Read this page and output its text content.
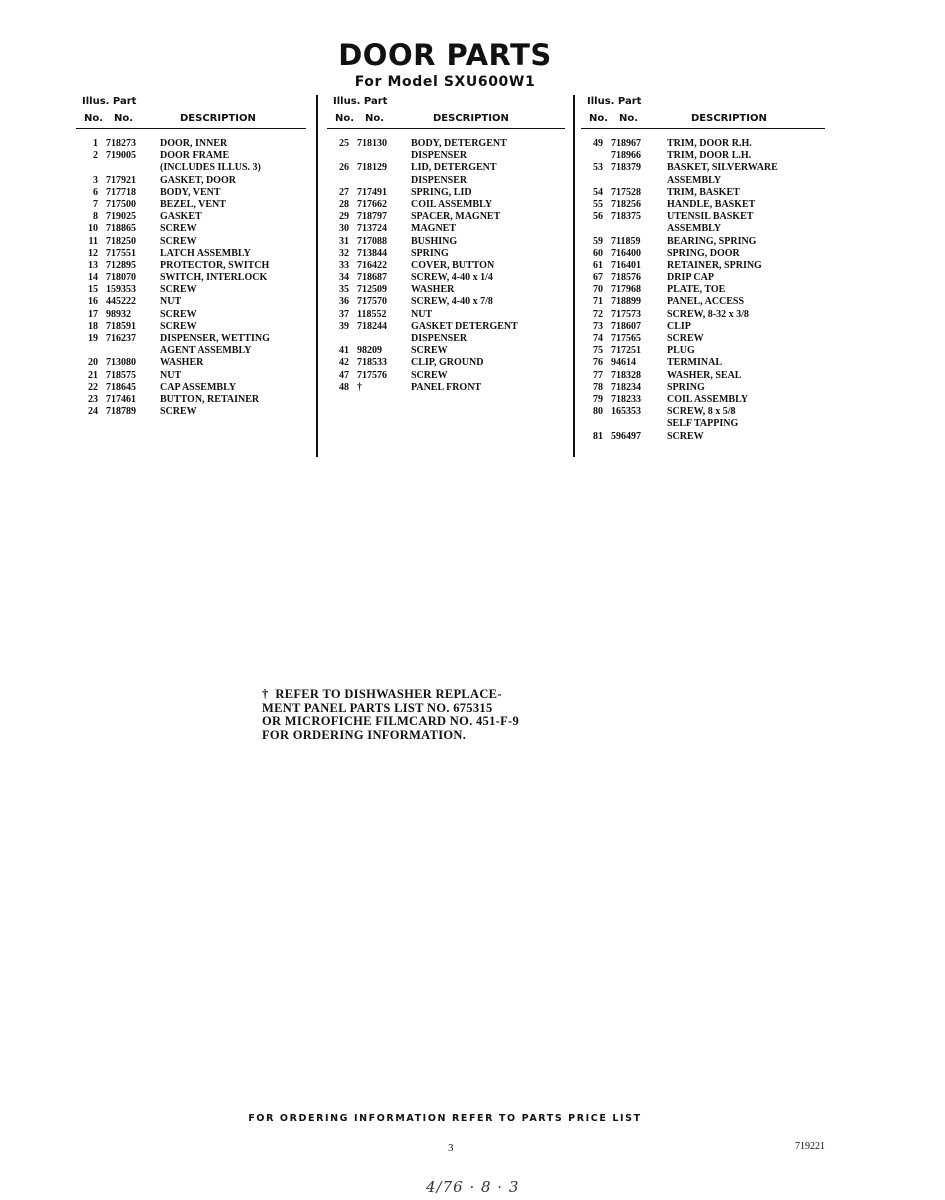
DOOR PARTS
For Model SXU600W1
Illus. Part
No. No.	DESCRIPTION
1 718273 DOOR, INNER
2 719005 DOOR FRAME
(INCLUDES ILLUS. 3)
3 717921 GASKET, DOOR
6 717718 BODY, VENT
7 717500 BEZEL, VENT
8 719025 GASKET
10 718865 SCREW
11 718250 SCREW
12 717551 LATCH ASSEMBLY
13 712895 PROTECTOR, SWITCH
14 718070 SWITCH, INTERLOCK
15 159353 SCREW
16 445222 NUT
17 98932	SCREW
18 718591 SCREW
19 716237 DISPENSER, WETTING
AGENT ASSEMBLY
20 713080 WASHER
21 718575 NUT
22 718645 CAP ASSEMBLY
23 717461 BUTTON, RETAINER
24 718789 SCREW
Illus. Part
No. No.	DESCRIPTION
25 718130 BODY, DETERGENT
DISPENSER
26 718129 LID, DETERGENT
DISPENSER
27 717491 SPRING, LID
28 717662 COIL ASSEMBLY
29 718797 SPACER, MAGNET
30 713724 MAGNET
31 717088 BUSHING
32 713844 SPRING
33 716422 COVER, BUTTON
34 718687 SCREW, 4-40 x 1/4
35 712509 WASHER
36 717570 SCREW, 4-40 x 7/8
37 118552 NUT
39 718244 GASKET DETERGENT
DISPENSER
41 98209	SCREW
42 718533 CLIP, GROUND
47 717576 SCREW
48 †	PANEL FRONT
Illus. Part
No. No.	DESCRIPTION
49 718967	TRIM, DOOR R.H.
718966	TRIM, DOOR L.H.
53 718379	BASKET, SILVERWARE
ASSEMBLY
54 717528	TRIM, BASKET
55 718256	HANDLE, BASKET
56 718375	UTENSIL BASKET
ASSEMBLY
59 711859	BEARING, SPRING
60 716400	SPRING, DOOR
61 716401	RETAINER, SPRING
67 718576	DRIP CAP
70 717968	PLATE, TOE
71 718899	PANEL, ACCESS
72 717573	SCREW, 8-32 x 3/8
73 718607	CLIP
74 717565	SCREW
75 717251	PLUG
76 94614	TERMINAL
77 718328	WASHER, SEAL
78 718234	SPRING
79 718233	COIL ASSEMBLY
80 165353	SCREW, 8 x 5/8
SELF TAPPING
81 596497	SCREW
†  REFER TO DISHWASHER REPLACE-
MENT PANEL PARTS LIST NO. 675315
OR MICROFICHE FILMCARD NO. 451-F-9
FOR ORDERING INFORMATION.
FOR ORDERING INFORMATION REFER TO PARTS PRICE LIST
3	719221
4/76 · 8 · 3
